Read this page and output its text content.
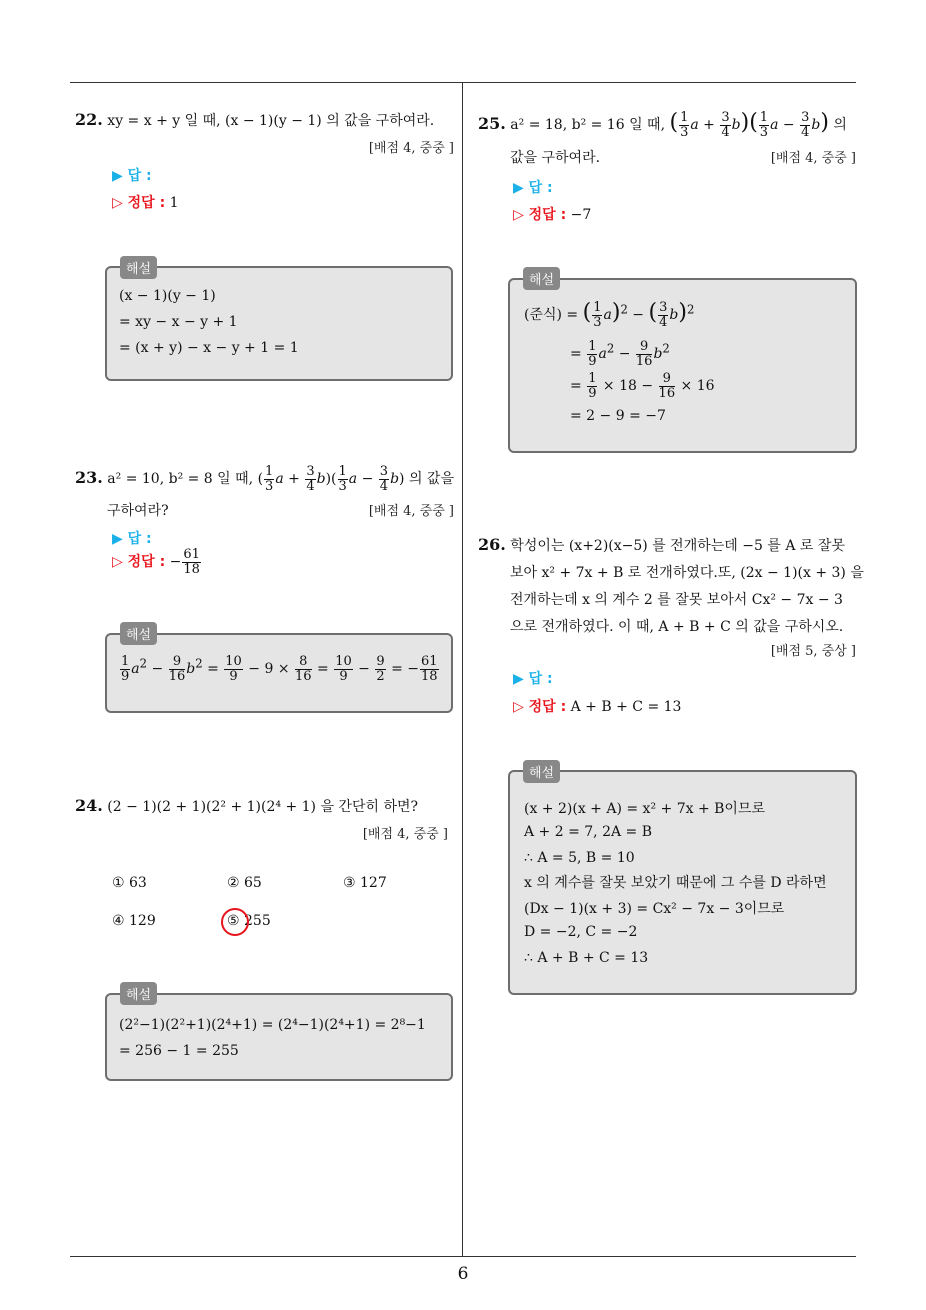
6
22. xy = x + y 일 때, (x − 1)(y − 1) 의 값을 구하여라.
[배점 4, 중중 ]
▶ 답 :
▷ 정답 : 1
(x − 1)(y − 1)
= xy − x − y + 1
= (x + y) − x − y + 1 = 1
해설
23. a² = 10, b² = 8 일 때, ( $\frac{1}{3}$ $a + \frac{3}{4} b)( \frac{1}{3}$ $a - \frac{3}{4} b$) 의 값을
구하여라?	[배점 4, 중중 ]
▶ 답 :
▷ 정답 : − $\frac{61}{18}$
$\frac{1}{9} a^2 - \frac{9}{16} b^2 = \frac{10}{9} - 9 \times \frac{8}{16} = \frac{10}{9} - \frac{9}{2}$ = − $\frac{61}{18}$
해설
24. (2 − 1)(2 + 1)(2² + 1)(2⁴ + 1) 을 간단히 하면?
[배점 4, 중중 ]
① 63	② 65	③ 127
④ 129	⑤ 255
(2²−1)(2²+1)(2⁴+1) = (2⁴−1)(2⁴+1) = 2⁸−1
= 256 − 1 = 255
해설
25. a² = 18, b² = 16 일 때, ( $\frac{1}{3}$ $a + \frac{3}{4} b)( \frac{1}{3}$ $a - \frac{3}{4} b$) 의
값을 구하여라.	[배점 4, 중중 ]
▶ 답 :
▷ 정답 : −7
(준식) = ( $\frac{1}{3} a)^2$ − ( $\frac{3}{4} b)^2$
= $\frac{1}{9} a^2 - \frac{9}{16} b^2$
= $\frac{1}{9} \times 18 - \frac{9}{16} \times 16$
= 2 − 9 = −7
해설
26. 학성이는 (x+2)(x−5) 를 전개하는데 −5 를 A 로 잘못
보아 x² + 7x + B 로 전개하였다.또, (2x − 1)(x + 3) 을
전개하는데 x 의 계수 2 를 잘못 보아서 Cx² − 7x − 3
으로 전개하였다. 이 때, A + B + C 의 값을 구하시오.
[배점 5, 중상 ]
▶ 답 :
▷ 정답 : A + B + C = 13
(x + 2)(x + A) = x² + 7x + B이므로
A + 2 = 7, 2A = B
∴ A = 5, B = 10
x 의 계수를 잘못 보았기 때문에 그 수를 D 라하면
(Dx − 1)(x + 3) = Cx² − 7x − 3이므로
D = −2, C = −2
∴ A + B + C = 13
해설
